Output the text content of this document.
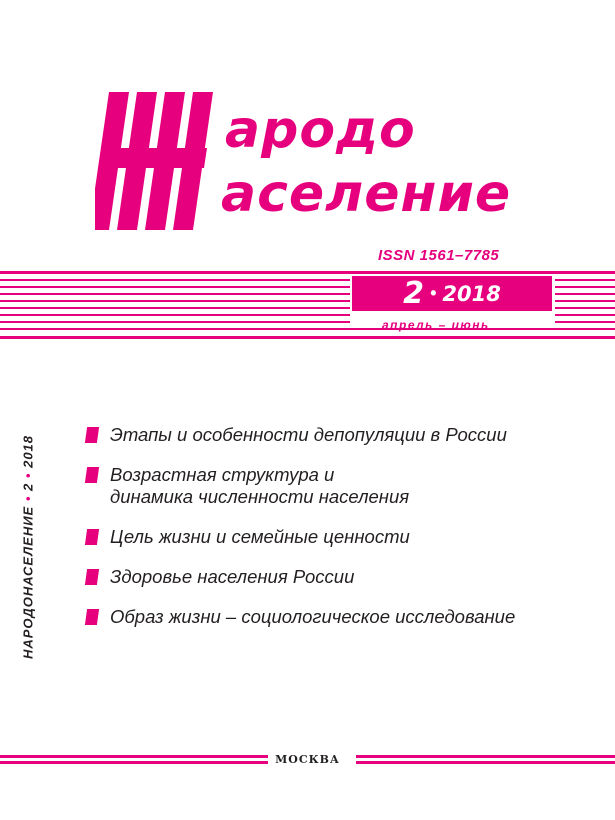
ародо
аселение
ISSN 1561–7785
2 • 2018
апрель – июнь
НАРОДОНАСЕЛЕНИЕ • 2 • 2018
Этапы и особенности депопуляции в России
Возрастная структура и
динамика численности населения
Цель жизни и семейные ценности
Здоровье населения России
Образ жизни – социологическое исследование
МОСКВА
